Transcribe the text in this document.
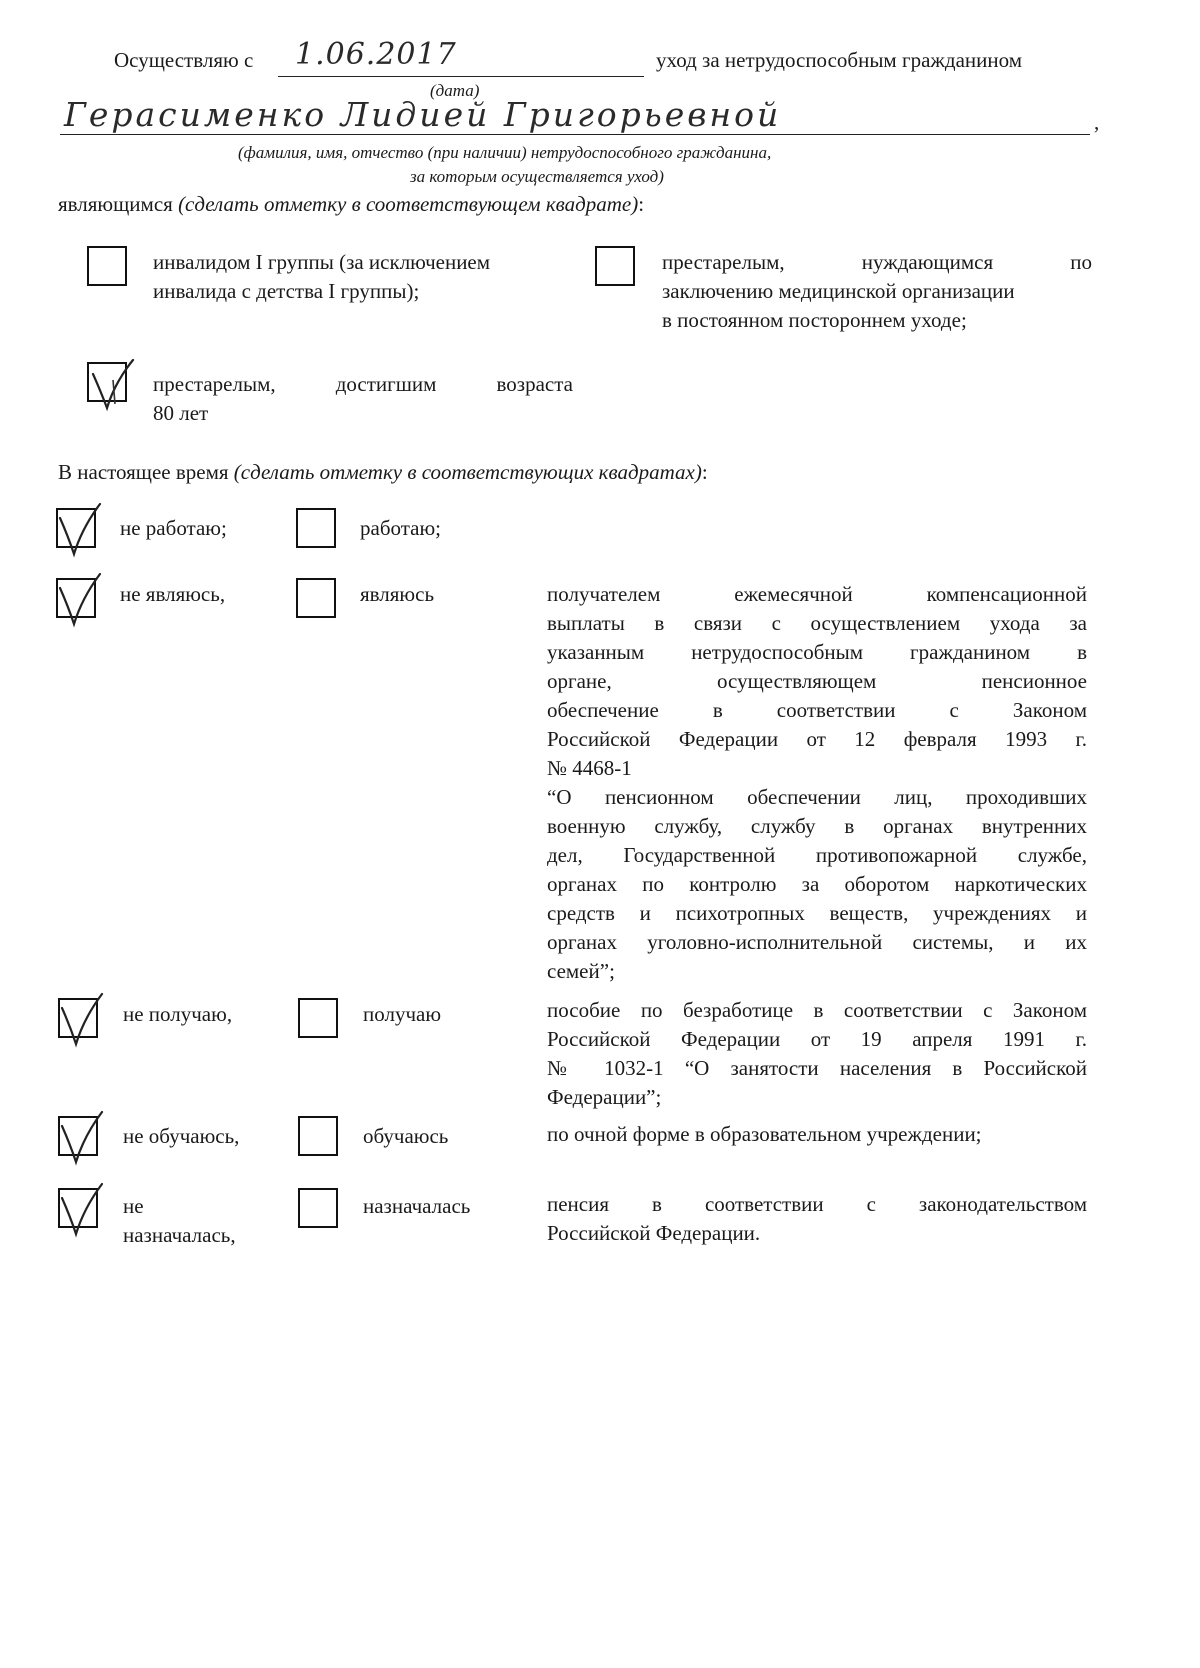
Осуществляю с 1.06.2017	уход за нетрудоспособным гражданином
(дата)
Герасименко Лидией Григорьевной	,
(фамилия, имя, отчество (при наличии) нетрудоспособного гражданина,
за которым осуществляется уход)
являющимся (сделать отметку в соответствующем квадрате):
инвалидом I группы (за исключением
инвалида с детства I группы);
престарелым, нуждающимся по
заключению медицинской организации
в постоянном постороннем уходе;
престарелым, достигшим возраста
80 лет
В настоящее время (сделать отметку в соответствующих квадратах):
не работаю;	работаю;
не являюсь,	являюсь	получателем ежемесячной компенсационной
выплаты в связи с осуществлением ухода за
указанным нетрудоспособным гражданином в
органе, осуществляющем пенсионное
обеспечение в соответствии с Законом
Российской Федерации от 12 февраля 1993 г.
№ 4468-1
“О пенсионном обеспечении лиц, проходивших
военную службу, службу в органах внутренних
дел, Государственной противопожарной службе,
органах по контролю за оборотом наркотических
средств и психотропных веществ, учреждениях и
органах уголовно-исполнительной системы, и их
семей”;
не получаю,	получаю	пособие по безработице в соответствии с Законом
Российской Федерации от 19 апреля 1991 г.
№ 1032-1 “О занятости населения в Российской
Федерации”;
не обучаюсь,	обучаюсь	по очной форме в образовательном учреждении;
не
назначалась,
назначалась	пенсия в соответствии с законодательством
Российской Федерации.
